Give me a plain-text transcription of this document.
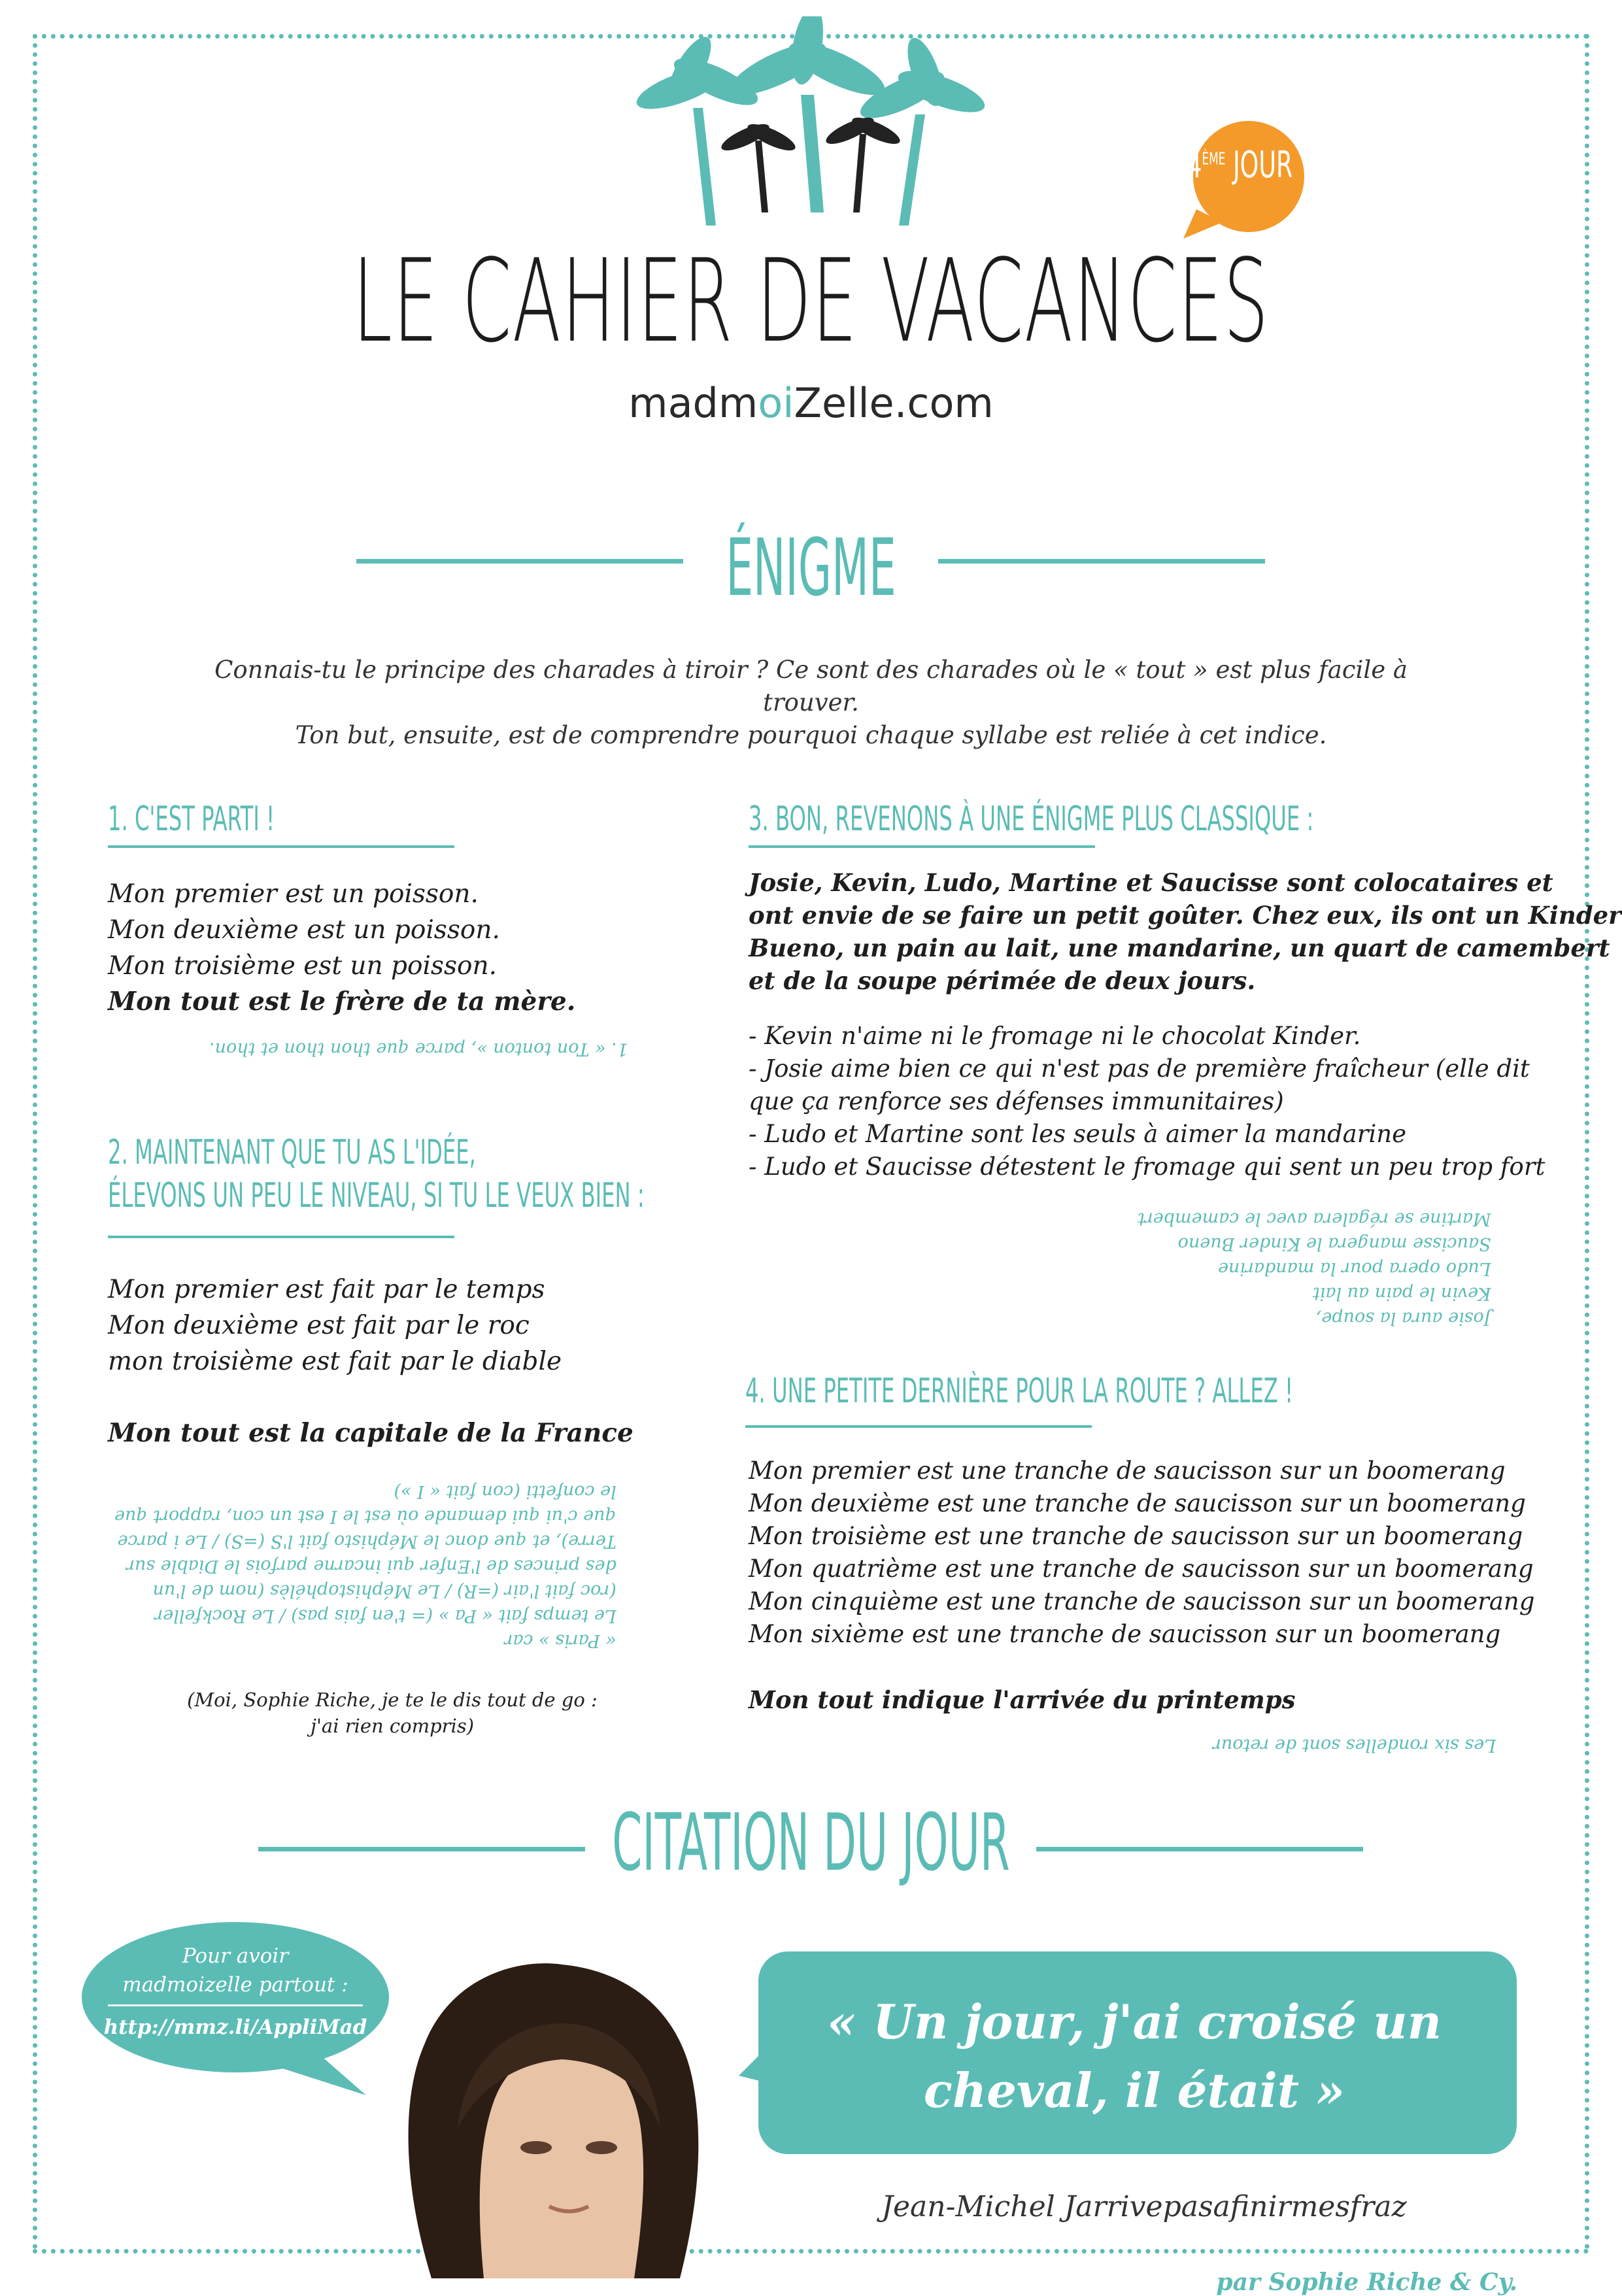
4ÈME JOUR
LE CAHIER DE VACANCES
madmoiZelle.com
ÉNIGME
Connais-tu le principe des charades à tiroir ? Ce sont des charades où le « tout » est plus facile à trouver.
Ton but, ensuite, est de comprendre pourquoi chaque syllabe est reliée à cet indice.
1. C'EST PARTI !
Mon premier est un poisson.
Mon deuxième est un poisson.
Mon troisième est un poisson.
Mon tout est le frère de ta mère.
1. « Ton tonton », parce que thon thon et thon.
2. MAINTENANT QUE TU AS L'IDÉE,
ÉLEVONS UN PEU LE NIVEAU, SI TU LE VEUX BIEN :
Mon premier est fait par le temps
Mon deuxième est fait par le roc
mon troisième est fait par le diable
Mon tout est la capitale de la France
« Paris » car
Le temps fait « Pa » (= t'en fais pas) / Le Rockfeller
(roc fait l'air (=R) / Le Méphistophélès (nom de l'un
des princes de l'Enfer qui incarne parfois le Diable sur
Terre), et que donc le Méphisto fait l'S (=S) / Le i parce
que c'ui qui demande où est le I est un con, rapport que
le confetti (con fait « I »)
(Moi, Sophie Riche, je te le dis tout de go :
j'ai rien compris)
3. BON, REVENONS À UNE ÉNIGME PLUS CLASSIQUE :
Josie, Kevin, Ludo, Martine et Saucisse sont colocataires et
ont envie de se faire un petit goûter. Chez eux, ils ont un Kinder
Bueno, un pain au lait, une mandarine, un quart de camembert
et de la soupe périmée de deux jours.
- Kevin n'aime ni le fromage ni le chocolat Kinder.
- Josie aime bien ce qui n'est pas de première fraîcheur (elle dit
que ça renforce ses défenses immunitaires)
- Ludo et Martine sont les seuls à aimer la mandarine
- Ludo et Saucisse détestent le fromage qui sent un peu trop fort
Josie aura la soupe,
Kevin le pain au lait
Ludo opera pour la mandarine
Saucisse mangera le Kinder Bueno
Martine se régalera avec le camembert
4. UNE PETITE DERNIÈRE POUR LA ROUTE ? ALLEZ !
Mon premier est une tranche de saucisson sur un boomerang
Mon deuxième est une tranche de saucisson sur un boomerang
Mon troisième est une tranche de saucisson sur un boomerang
Mon quatrième est une tranche de saucisson sur un boomerang
Mon cinquième est une tranche de saucisson sur un boomerang
Mon sixième est une tranche de saucisson sur un boomerang
Mon tout indique l'arrivée du printemps
Les six rondelles sont de retour
CITATION DU JOUR
Pour avoir
madmoizelle partout :
http://mmz.li/AppliMad	« Un jour, j'ai croisé un
cheval, il était »
Jean-Michel Jarrivepasafinirmesfraz
par Sophie Riche & Cy.
